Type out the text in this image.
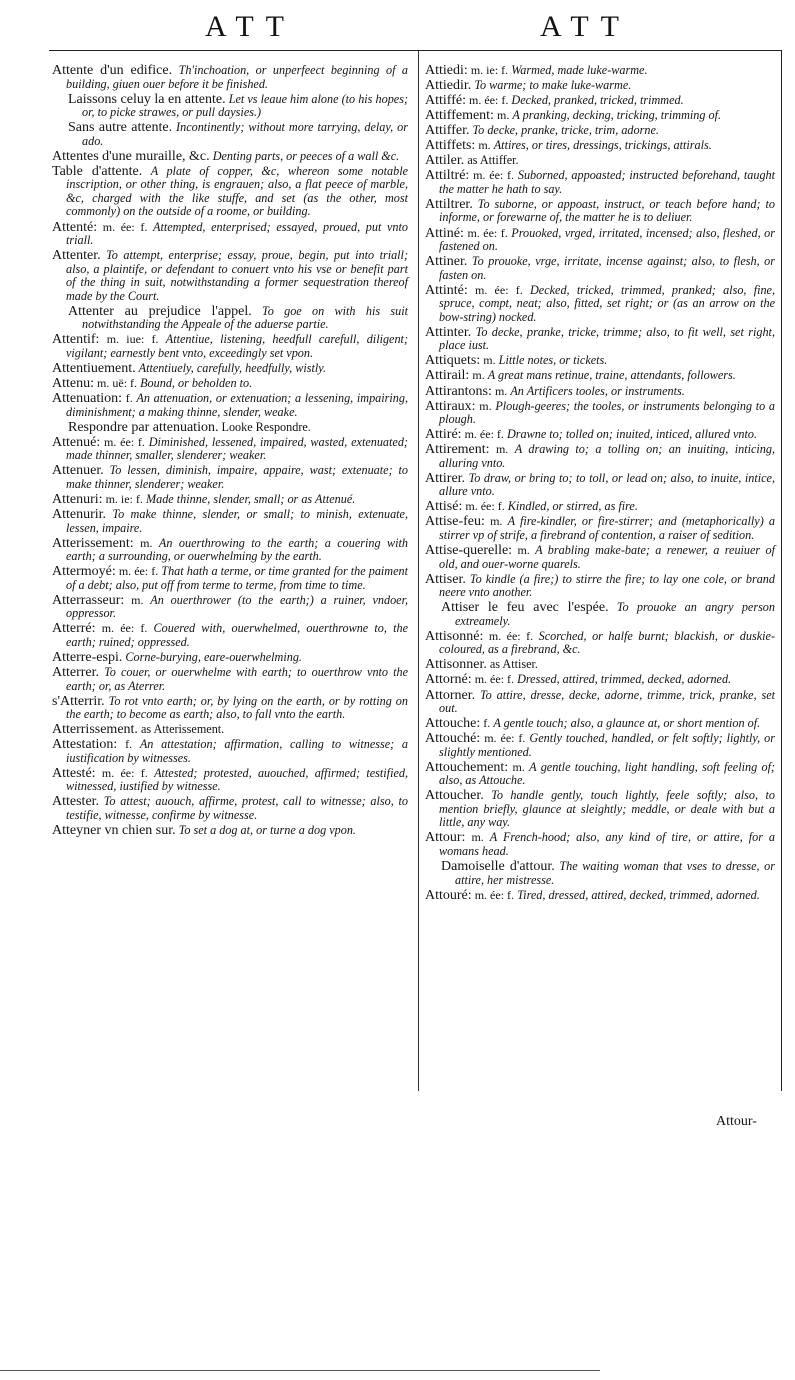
ATT	ATT

Attente d'un edifice. Th'inchoation, or unperfeect beginning of a building, giuen ouer before it be finished.

Laissons celuy la en attente. Let vs leaue him alone (to his hopes; or, to picke strawes, or pull daysies.)

Sans autre attente. Incontinently; without more tarrying, delay, or ado.

Attentes d'une muraille, &c. Denting parts, or peeces of a wall &c.

Table d'attente. A plate of copper, &c, whereon some notable inscription, or other thing, is engrauen; also, a flat peece of marble, &c, charged with the like stuffe, and set (as the other, most commonly) on the outside of a roome, or building.

Attenté: m. ée: f. Attempted, enterprised; essayed, proued, put vnto triall.

Attenter. To attempt, enterprise; essay, proue, begin, put into triall; also, a plaintife, or defendant to conuert vnto his vse or benefit part of the thing in suit, notwithstanding a former sequestration thereof made by the Court.

Attenter au prejudice l'appel. To goe on with his suit notwithstanding the Appeale of the aduerse partie.

Attentif: m. iue: f. Attentiue, listening, heedfull carefull, diligent; vigilant; earnestly bent vnto, exceedingly set vpon.

Attentiuement. Attentiuely, carefully, heedfully, wistly.

Attenu: m. uë: f. Bound, or beholden to.

Attenuation: f. An attenuation, or extenuation; a lessening, impairing, diminishment; a making thinne, slender, weake.

Respondre par attenuation. Looke Respondre.

Attenué: m. ée: f. Diminished, lessened, impaired, wasted, extenuated; made thinner, smaller, slenderer; weaker.

Attenuer. To lessen, diminish, impaire, appaire, wast; extenuate; to make thinner, slenderer; weaker.

Attenuri: m. ie: f. Made thinne, slender, small; or as Attenué.

Attenurir. To make thinne, slender, or small; to minish, extenuate, lessen, impaire.

Atterissement: m. An ouerthrowing to the earth; a couering with earth; a surrounding, or ouerwhelming by the earth.

Attermoyé: m. ée: f. That hath a terme, or time granted for the paiment of a debt; also, put off from terme to terme, from time to time.

Atterrasseur: m. An ouerthrower (to the earth;) a ruiner, vndoer, oppressor.

Atterré: m. ée: f. Couered with, ouerwhelmed, ouerthrowne to, the earth; ruined; oppressed.

Atterre-espi. Corne-burying, eare-ouerwhelming.

Atterrer. To couer, or ouerwhelme with earth; to ouerthrow vnto the earth; or, as Aterrer.

s'Atterrir. To rot vnto earth; or, by lying on the earth, or by rotting on the earth; to become as earth; also, to fall vnto the earth.

Atterrissement. as Atterissement.

Attestation: f. An attestation; affirmation, calling to witnesse; a iustification by witnesses.

Attesté: m. ée: f. Attested; protested, auouched, affirmed; testified, witnessed, iustified by witnesse.

Attester. To attest; auouch, affirme, protest, call to witnesse; also, to testifie, witnesse, confirme by witnesse.

Atteyner vn chien sur. To set a dog at, or turne a dog vpon.

Attiedi: m. ie: f. Warmed, made luke-warme.

Attiedir. To warme; to make luke-warme.

Attiffé: m. ée: f. Decked, pranked, tricked, trimmed.

Attiffement: m. A pranking, decking, tricking, trimming of.

Attiffer. To decke, pranke, tricke, trim, adorne.

Attiffets: m. Attires, or tires, dressings, trickings, attirals.

Attiler. as Attiffer.

Attiltré: m. ée: f. Suborned, appoasted; instructed beforehand, taught the matter he hath to say.

Attiltrer. To suborne, or appoast, instruct, or teach before hand; to informe, or forewarne of, the matter he is to deliuer.

Attiné: m. ée: f. Prouoked, vrged, irritated, incensed; also, fleshed, or fastened on.

Attiner. To prouoke, vrge, irritate, incense against; also, to flesh, or fasten on.

Attinté: m. ée: f. Decked, tricked, trimmed, pranked; also, fine, spruce, compt, neat; also, fitted, set right; or (as an arrow on the bow-string) nocked.

Attinter. To decke, pranke, tricke, trimme; also, to fit well, set right, place iust.

Attiquets: m. Little notes, or tickets.

Attirail: m. A great mans retinue, traine, attendants, followers.

Attirantons: m. An Artificers tooles, or instruments.

Attiraux: m. Plough-geeres; the tooles, or instruments belonging to a plough.

Attiré: m. ée: f. Drawne to; tolled on; inuited, inticed, allured vnto.

Attirement: m. A drawing to; a tolling on; an inuiting, inticing, alluring vnto.

Attirer. To draw, or bring to; to toll, or lead on; also, to inuite, intice, allure vnto.

Attisé: m. ée: f. Kindled, or stirred, as fire.

Attise-feu: m. A fire-kindler, or fire-stirrer; and (metaphorically) a stirrer vp of strife, a firebrand of contention, a raiser of sedition.

Attise-querelle: m. A brabling make-bate; a renewer, a reuiuer of old, and ouer-worne quarels.

Attiser. To kindle (a fire;) to stirre the fire; to lay one cole, or brand neere vnto another.

Attiser le feu avec l'espée. To prouoke an angry person extreamely.

Attisonné: m. ée: f. Scorched, or halfe burnt; blackish, or duskie-coloured, as a firebrand, &c.

Attisonner. as Attiser.

Attorné: m. ée: f. Dressed, attired, trimmed, decked, adorned.

Attorner. To attire, dresse, decke, adorne, trimme, trick, pranke, set out.

Attouche: f. A gentle touch; also, a glaunce at, or short mention of.

Attouché: m. ée: f. Gently touched, handled, or felt softly; lightly, or slightly mentioned.

Attouchement: m. A gentle touching, light handling, soft feeling of; also, as Attouche.

Attoucher. To handle gently, touch lightly, feele softly; also, to mention briefly, glaunce at sleightly; meddle, or deale with but a little, any way.

Attour: m. A French-hood; also, any kind of tire, or attire, for a womans head.

Damoiselle d'attour. The waiting woman that vses to dresse, or attire, her mistresse.

Attouré: m. ée: f. Tired, dressed, attired, decked, trimmed, adorned.

Attour-
